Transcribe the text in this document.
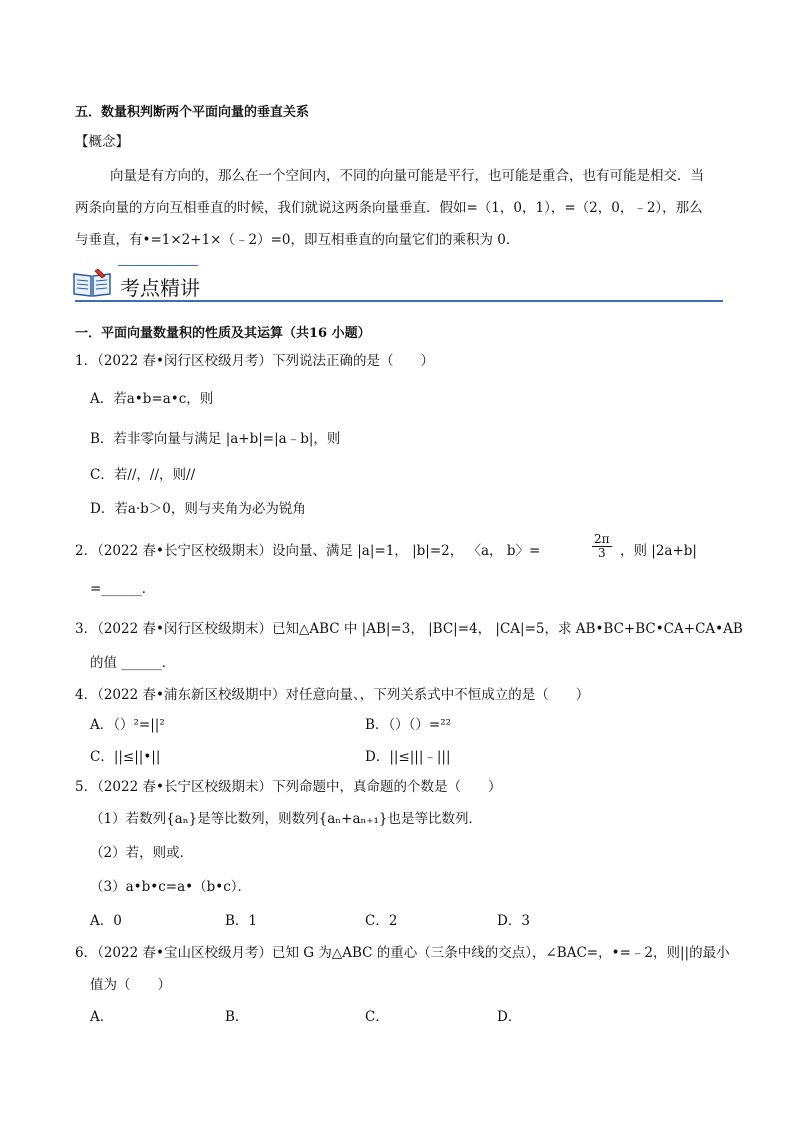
五．数量积判断两个平面向量的垂直关系
【概念】
向量是有方向的，那么在一个空间内，不同的向量可能是平行，也可能是重合，也有可能是相交．当
两条向量的方向互相垂直的时候，我们就说这两条向量垂直．假如=（1，0，1），=（2，0，﹣2），那么
与垂直，有•=1×2+1×（﹣2）=0，即互相垂直的向量它们的乘积为 0．
考点精讲
一．平面向量数量积的性质及其运算（共16 小题）
1．（2022 春•闵行区校级月考）下列说法正确的是（　　）
A．若a•b=a•c，则
B．若非零向量与满足 |a+b|=|a﹣b|，则
C．若//，//，则//
D．若a·b＞0，则与夹角为必为锐角
2．（2022 春•长宁区校级期末）设向量、满足 |a|=1， |b|=2， 〈a， b〉=	$\frac{2\pi}{3}$ ，则 |2a+b|
=______．
3．（2022 春•闵行区校级期末）已知△ABC 中 |AB|=3， |BC|=4， |CA|=5，求 AB•BC+BC•CA+CA•AB
的值 ______．
4．（2022 春•浦东新区校级期中）对任意向量、，下列关系式中不恒成立的是（　　）
A．（）²=||²	B．（）（）=²²
C．||≤||•||	D．||≤|||﹣|||
5．（2022 春•长宁区校级期末）下列命题中，真命题的个数是（　　）
（1）若数列{aₙ}是等比数列，则数列{aₙ+aₙ₊₁}也是等比数列．
（2）若，则或．
（3）a•b•c=a•（b•c）．
A．0	B．1	C．2	D．3
6．（2022 春•宝山区校级月考）已知 G 为△ABC 的重心（三条中线的交点），∠BAC=，•=﹣2，则||的最小
值为（　　）
A．	B．	C．	D．
